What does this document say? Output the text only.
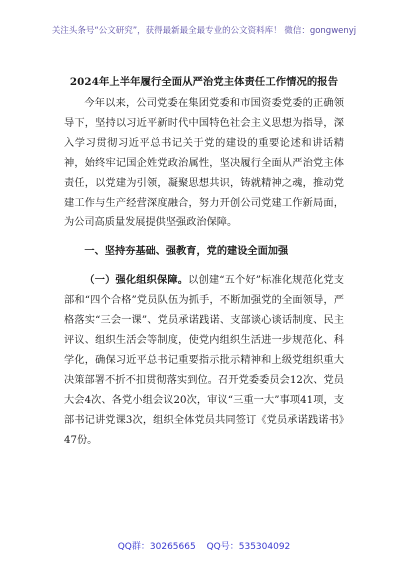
关注头条号“公文研究”，获得最新最全最专业的公文资料库！ 微信：gongwenyj
2024年上半年履行全面从严治党主体责任工作情况的报告

今年以来，公司党委在集团党委和市国资委党委的正确领导下，坚持以习近平新时代中国特色社会主义思想为指导，深入学习贯彻习近平总书记关于党的建设的重要论述和讲话精神，始终牢记国企姓党政治属性，坚决履行全面从严治党主体责任，以党建为引领，凝聚思想共识，铸就精神之魂，推动党建工作与生产经营深度融合，努力开创公司党建工作新局面，为公司高质量发展提供坚强政治保障。

一、坚持夯基础、强教育，党的建设全面加强

（一）强化组织保障。以创建“五个好”标准化规范化党支部和“四个合格”党员队伍为抓手，不断加强党的全面领导，严格落实“三会一课”、党员承诺践诺、支部谈心谈话制度、民主评议、组织生活会等制度，使党内组织生活进一步规范化、科学化，确保习近平总书记重要指示批示精神和上级党组织重大决策部署不折不扣贯彻落实到位。召开党委委员会12次、党员大会4次、各党小组会议20次，审议“三重一大”事项41项，支部书记讲党课3次，组织全体党员共同签订《党员承诺践诺书》47份。

QQ群：30265665 QQ号：535304092
